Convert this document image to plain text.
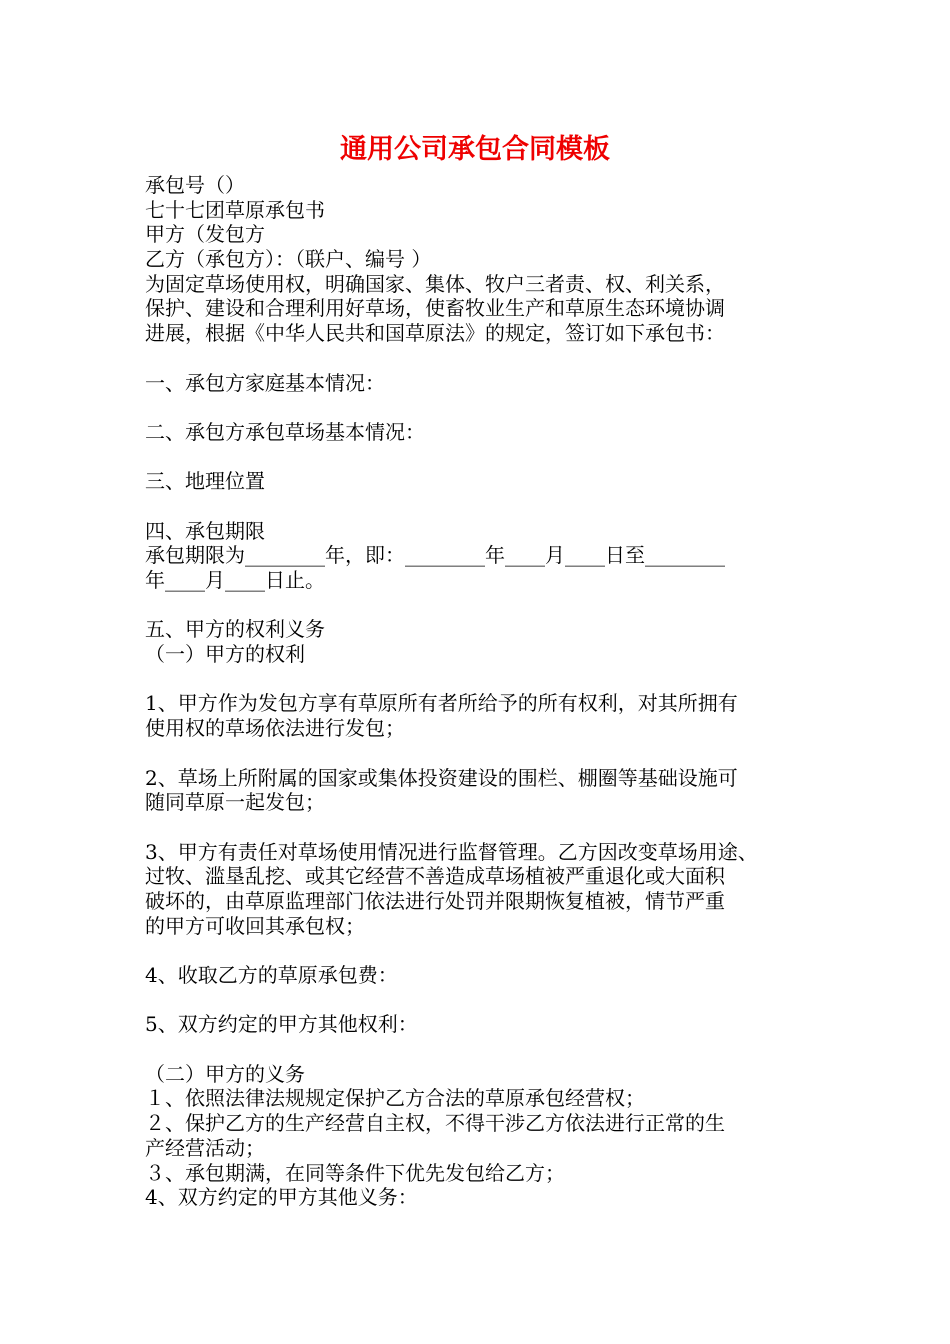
通用公司承包合同模板
承包号（）
七十七团草原承包书
甲方（发包方
乙方（承包方）：（联户、编号 ）
为固定草场使用权，明确国家、集体、牧户三者责、权、利关系，
保护、建设和合理利用好草场，使畜牧业生产和草原生态环境协调
进展，根据《中华人民共和国草原法》的规定，签订如下承包书：
一、承包方家庭基本情况：
二、承包方承包草场基本情况：
三、地理位置
四、承包期限
承包期限为________年，即：________年____月____日至________
年____月____日止。
五、甲方的权利义务
（一）甲方的权利
1、甲方作为发包方享有草原所有者所给予的所有权利，对其所拥有
使用权的草场依法进行发包；
2、草场上所附属的国家或集体投资建设的围栏、棚圈等基础设施可
随同草原一起发包；
3、甲方有责任对草场使用情况进行监督管理。乙方因改变草场用途、
过牧、滥垦乱挖、或其它经营不善造成草场植被严重退化或大面积
破坏的，由草原监理部门依法进行处罚并限期恢复植被，情节严重
的甲方可收回其承包权；
4、收取乙方的草原承包费：
5、双方约定的甲方其他权利：
（二）甲方的义务
１、依照法律法规规定保护乙方合法的草原承包经营权；
２、保护乙方的生产经营自主权，不得干涉乙方依法进行正常的生
产经营活动；
３、承包期满，在同等条件下优先发包给乙方；
4、双方约定的甲方其他义务：
